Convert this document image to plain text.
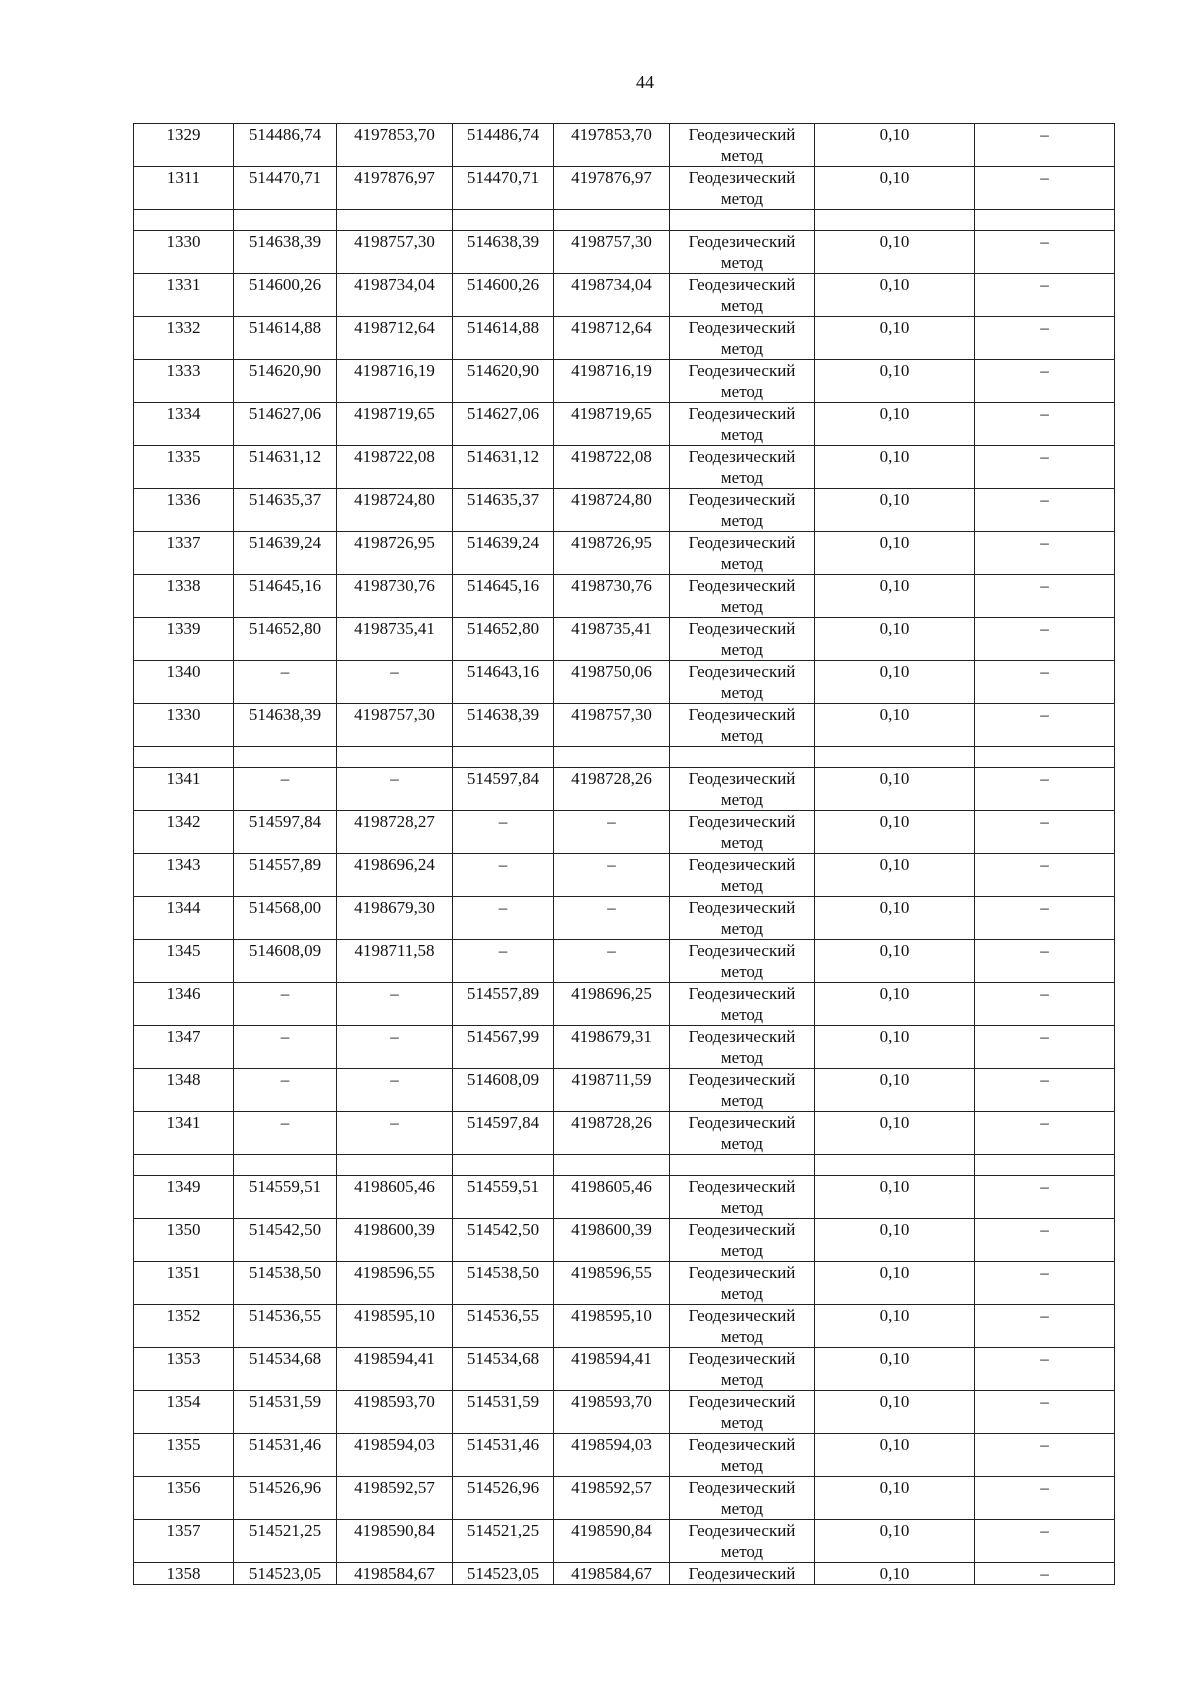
44
1329	514486,74	4197853,70	514486,74	4197853,70	Геодезический
метод	0,10	–
1311	514470,71	4197876,97	514470,71	4197876,97	Геодезический
метод	0,10	–

1330	514638,39	4198757,30	514638,39	4198757,30	Геодезический
метод	0,10	–
1331	514600,26	4198734,04	514600,26	4198734,04	Геодезический
метод	0,10	–
1332	514614,88	4198712,64	514614,88	4198712,64	Геодезический
метод	0,10	–
1333	514620,90	4198716,19	514620,90	4198716,19	Геодезический
метод	0,10	–
1334	514627,06	4198719,65	514627,06	4198719,65	Геодезический
метод	0,10	–
1335	514631,12	4198722,08	514631,12	4198722,08	Геодезический
метод	0,10	–
1336	514635,37	4198724,80	514635,37	4198724,80	Геодезический
метод	0,10	–
1337	514639,24	4198726,95	514639,24	4198726,95	Геодезический
метод	0,10	–
1338	514645,16	4198730,76	514645,16	4198730,76	Геодезический
метод	0,10	–
1339	514652,80	4198735,41	514652,80	4198735,41	Геодезический
метод	0,10	–
1340	–	–	514643,16	4198750,06	Геодезический
метод	0,10	–
1330	514638,39	4198757,30	514638,39	4198757,30	Геодезический
метод	0,10	–

1341	–	–	514597,84	4198728,26	Геодезический
метод	0,10	–
1342	514597,84	4198728,27	–	–	Геодезический
метод	0,10	–
1343	514557,89	4198696,24	–	–	Геодезический
метод	0,10	–
1344	514568,00	4198679,30	–	–	Геодезический
метод	0,10	–
1345	514608,09	4198711,58	–	–	Геодезический
метод	0,10	–
1346	–	–	514557,89	4198696,25	Геодезический
метод	0,10	–
1347	–	–	514567,99	4198679,31	Геодезический
метод	0,10	–
1348	–	–	514608,09	4198711,59	Геодезический
метод	0,10	–
1341	–	–	514597,84	4198728,26	Геодезический
метод	0,10	–

1349	514559,51	4198605,46	514559,51	4198605,46	Геодезический
метод	0,10	–
1350	514542,50	4198600,39	514542,50	4198600,39	Геодезический
метод	0,10	–
1351	514538,50	4198596,55	514538,50	4198596,55	Геодезический
метод	0,10	–
1352	514536,55	4198595,10	514536,55	4198595,10	Геодезический
метод	0,10	–
1353	514534,68	4198594,41	514534,68	4198594,41	Геодезический
метод	0,10	–
1354	514531,59	4198593,70	514531,59	4198593,70	Геодезический
метод	0,10	–
1355	514531,46	4198594,03	514531,46	4198594,03	Геодезический
метод	0,10	–
1356	514526,96	4198592,57	514526,96	4198592,57	Геодезический
метод	0,10	–
1357	514521,25	4198590,84	514521,25	4198590,84	Геодезический
метод	0,10	–
1358	514523,05	4198584,67	514523,05	4198584,67	Геодезический	0,10	–
